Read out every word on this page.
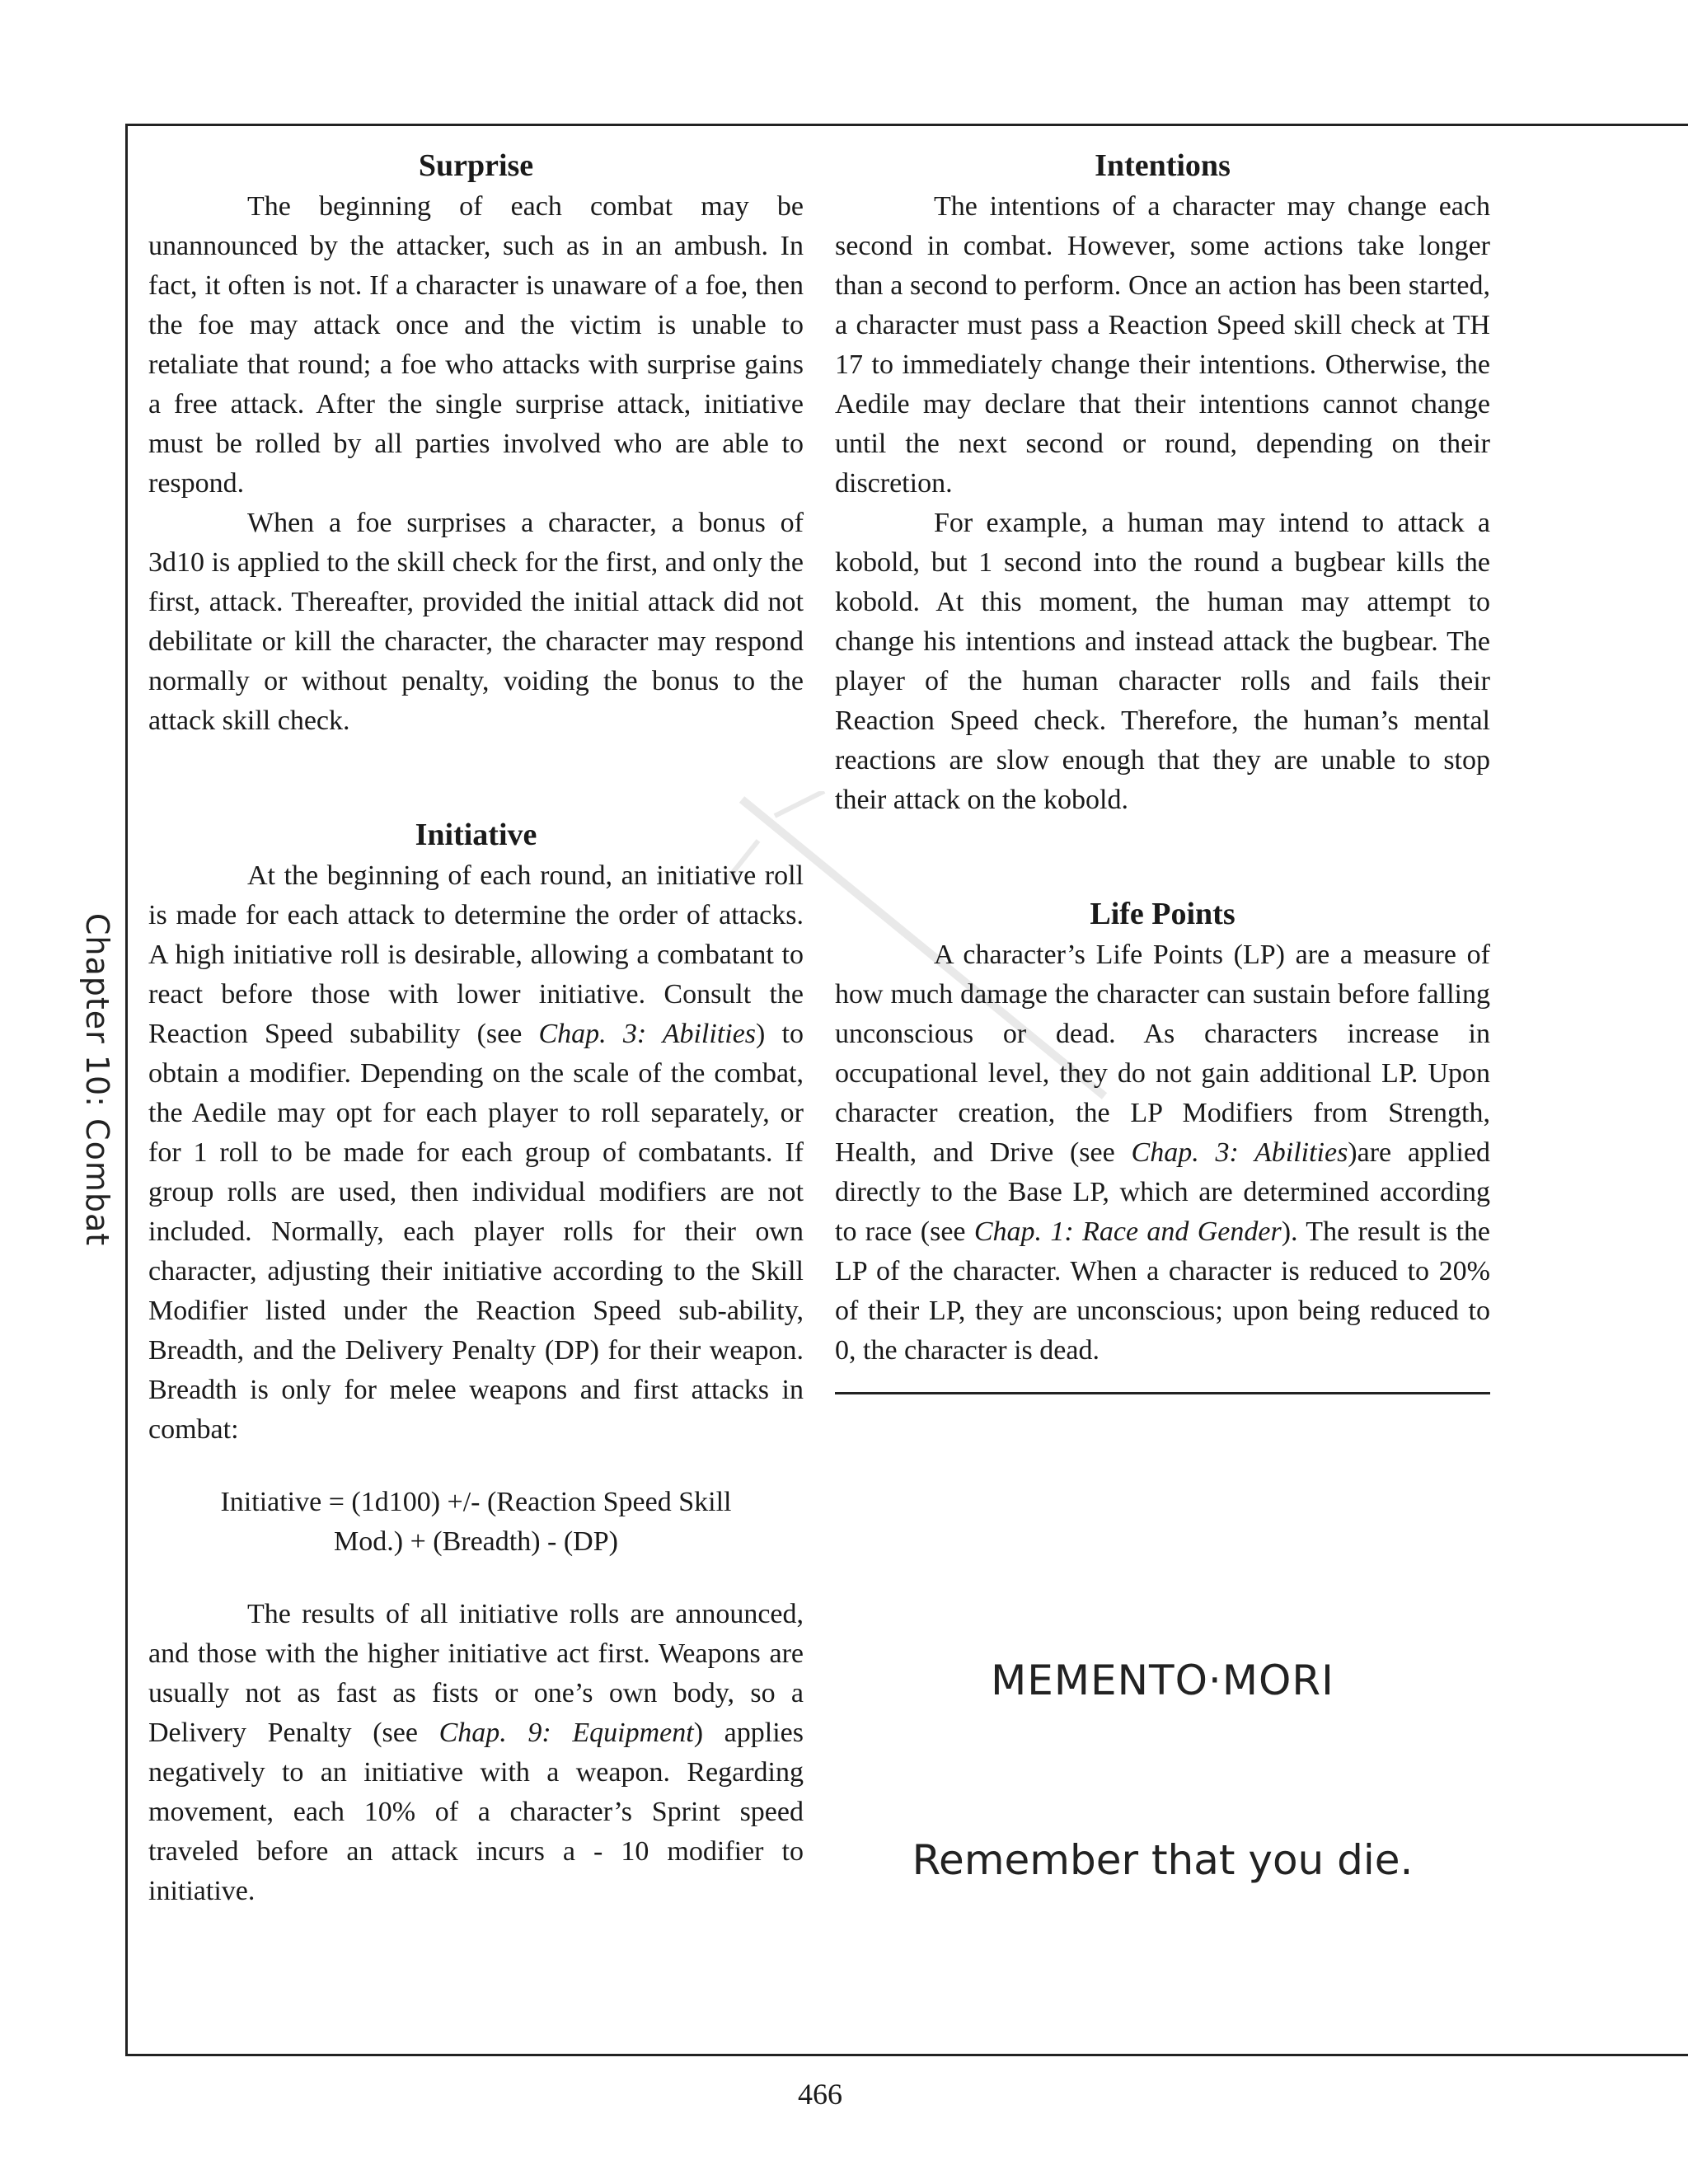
Chapter 10: Combat
Surprise

The beginning of each combat may be unannounced by the attacker, such as in an ambush. In fact, it often is not. If a character is unaware of a foe, then the foe may attack once and the victim is unable to retaliate that round; a foe who attacks with surprise gains a free attack. After the single surprise attack, initiative must be rolled by all parties involved who are able to respond.

When a foe surprises a character, a bonus of 3d10 is applied to the skill check for the first, and only the first, attack. Thereafter, provided the initial attack did not debilitate or kill the character, the character may respond normally or without penalty, voiding the bonus to the attack skill check.

Initiative

At the beginning of each round, an initiative roll is made for each attack to determine the order of attacks. A high initiative roll is desirable, allowing a combatant to react before those with lower initiative. Consult the Reaction Speed subability (see Chap. 3: Abilities) to obtain a modifier. Depending on the scale of the combat, the Aedile may opt for each player to roll separately, or for 1 roll to be made for each group of combatants. If group rolls are used, then individual modifiers are not included. Normally, each player rolls for their own character, adjusting their initiative according to the Skill Modifier listed under the Reaction Speed sub-ability, Breadth, and the Delivery Penalty (DP) for their weapon. Breadth is only for melee weapons and first attacks in combat:

Initiative = (1d100) +/- (Reaction Speed Skill

Mod.) + (Breadth) - (DP)

The results of all initiative rolls are announced, and those with the higher initiative act first. Weapons are usually not as fast as fists or one’s own body, so a Delivery Penalty (see Chap. 9: Equipment) applies negatively to an initiative with a weapon. Regarding movement, each 10% of a character’s Sprint speed traveled before an attack incurs a - 10 modifier to initiative.

Intentions

The intentions of a character may change each second in combat. However, some actions take longer than a second to perform. Once an action has been started, a character must pass a Reaction Speed skill check at TH 17 to immediately change their intentions. Otherwise, the Aedile may declare that their intentions cannot change until the next second or round, depending on their discretion.

For example, a human may intend to attack a kobold, but 1 second into the round a bugbear kills the kobold. At this moment, the human may attempt to change his intentions and instead attack the bugbear. The player of the human character rolls and fails their Reaction Speed check. Therefore, the human’s mental reactions are slow enough that they are unable to stop their attack on the kobold.

Life Points

A character’s Life Points (LP) are a measure of how much damage the character can sustain before falling unconscious or dead. As characters increase in occupational level, they do not gain additional LP. Upon character creation, the LP Modifiers from Strength, Health, and Drive (see Chap. 3: Abilities)are applied directly to the Base LP, which are determined according to race (see Chap. 1: Race and Gender). The result is the LP of the character. When a character is reduced to 20% of their LP, they are unconscious; upon being reduced to 0, the character is dead.

MEMENTO·MORI
Remember that you die.
466
